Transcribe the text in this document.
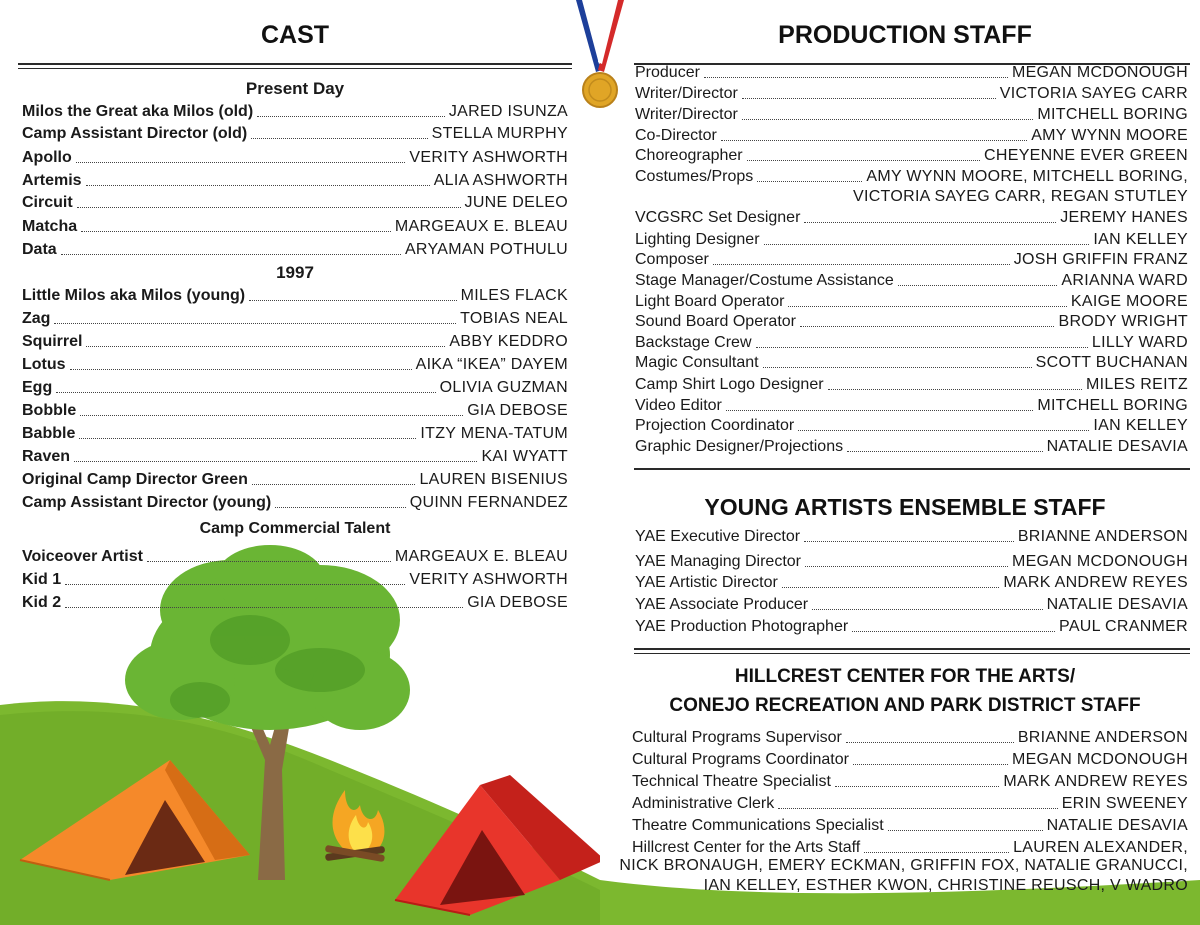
CAST
Present Day
Milos the Great aka Milos (old)	JARED ISUNZA
Camp Assistant Director (old)	STELLA MURPHY
Apollo	VERITY ASHWORTH
Artemis	ALIA ASHWORTH
Circuit	JUNE DELEO
Matcha	MARGEAUX E. BLEAU
Data	ARYAMAN POTHULU
1997
Little Milos aka Milos (young)	MILES FLACK
Zag	TOBIAS NEAL
Squirrel	ABBY KEDDRO
Lotus	AIKA “IKEA” DAYEM
Egg	OLIVIA GUZMAN
Bobble	GIA DEBOSE
Babble	ITZY MENA-TATUM
Raven	KAI WYATT
Original Camp Director Green	LAUREN BISENIUS
Camp Assistant Director (young)	QUINN FERNANDEZ
Camp Commercial Talent
Voiceover Artist	MARGEAUX E. BLEAU
Kid 1	VERITY ASHWORTH
Kid 2	GIA DEBOSE
PRODUCTION STAFF
Producer	MEGAN MCDONOUGH
Writer/Director	VICTORIA SAYEG CARR
Writer/Director	MITCHELL BORING
Co-Director	AMY WYNN MOORE
Choreographer	CHEYENNE EVER GREEN
Costumes/Props	AMY WYNN MOORE, MITCHELL BORING,
VICTORIA SAYEG CARR, REGAN STUTLEY
VCGSRC Set Designer	JEREMY HANES
Lighting Designer	IAN KELLEY
Composer	JOSH GRIFFIN FRANZ
Stage Manager/Costume Assistance	ARIANNA WARD
Light Board Operator	KAIGE MOORE
Sound Board Operator	BRODY WRIGHT
Backstage Crew	LILLY WARD
Magic Consultant	SCOTT BUCHANAN
Camp Shirt Logo Designer	MILES REITZ
Video Editor	MITCHELL BORING
Projection Coordinator	IAN KELLEY
Graphic Designer/Projections	NATALIE DESAVIA
YOUNG ARTISTS ENSEMBLE STAFF
YAE Executive Director	BRIANNE ANDERSON
YAE Managing Director	MEGAN MCDONOUGH
YAE Artistic Director	MARK ANDREW REYES
YAE Associate Producer	NATALIE DESAVIA
YAE Production Photographer	PAUL CRANMER
HILLCREST CENTER FOR THE ARTS/
CONEJO RECREATION AND PARK DISTRICT STAFF
Cultural Programs Supervisor	BRIANNE ANDERSON
Cultural Programs Coordinator	MEGAN MCDONOUGH
Technical Theatre Specialist	MARK ANDREW REYES
Administrative Clerk	ERIN SWEENEY
Theatre Communications Specialist	NATALIE DESAVIA
Hillcrest Center for the Arts Staff	LAUREN ALEXANDER,
NICK BRONAUGH, EMERY ECKMAN, GRIFFIN FOX, NATALIE GRANUCCI,
IAN KELLEY, ESTHER KWON, CHRISTINE REUSCH, V WADRO
